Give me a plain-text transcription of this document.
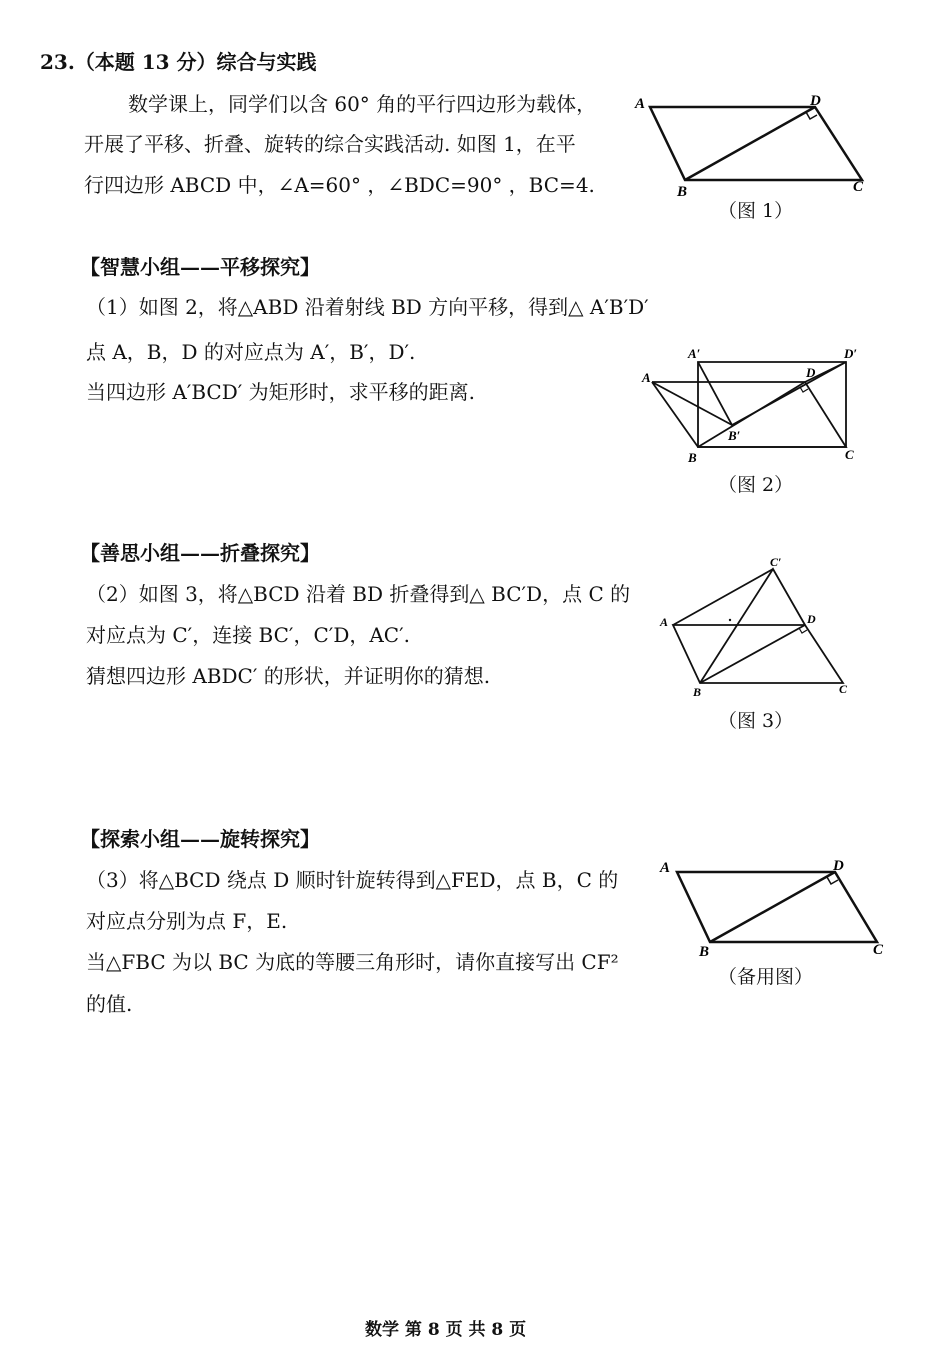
23.（本题 13 分）综合与实践
数学课上，同学们以含 60° 角的平行四边形为载体，
开展了平移、折叠、旋转的综合实践活动. 如图 1，在平
行四边形 ABCD 中，∠A=60° ，∠BDC=90° ，BC=4.
【智慧小组——平移探究】
（1）如图 2，将△ABD 沿着射线 BD 方向平移，得到△ A′B′D′
点 A，B，D 的对应点为 A′，B′，D′.
当四边形 A′BCD′ 为矩形时，求平移的距离.
【善思小组——折叠探究】
（2）如图 3，将△BCD 沿着 BD 折叠得到△ BC′D，点 C 的
对应点为 C′，连接 BC′，C′D，AC′.
猜想四边形 ABDC′ 的形状，并证明你的猜想.
【探索小组——旋转探究】
（3）将△BCD 绕点 D 顺时针旋转得到△FED，点 B，C 的
对应点分别为点 F，E.
当△FBC 为以 BC 为底的等腰三角形时，请你直接写出 CF²
的值.
A	D
B	C
（图 1）
A′	D′
A	D
B′
B	C
（图 2）
A
C′
D
B	C
（图 3）
A	D
B	C
（备用图）
数学 第 8 页 共 8 页
